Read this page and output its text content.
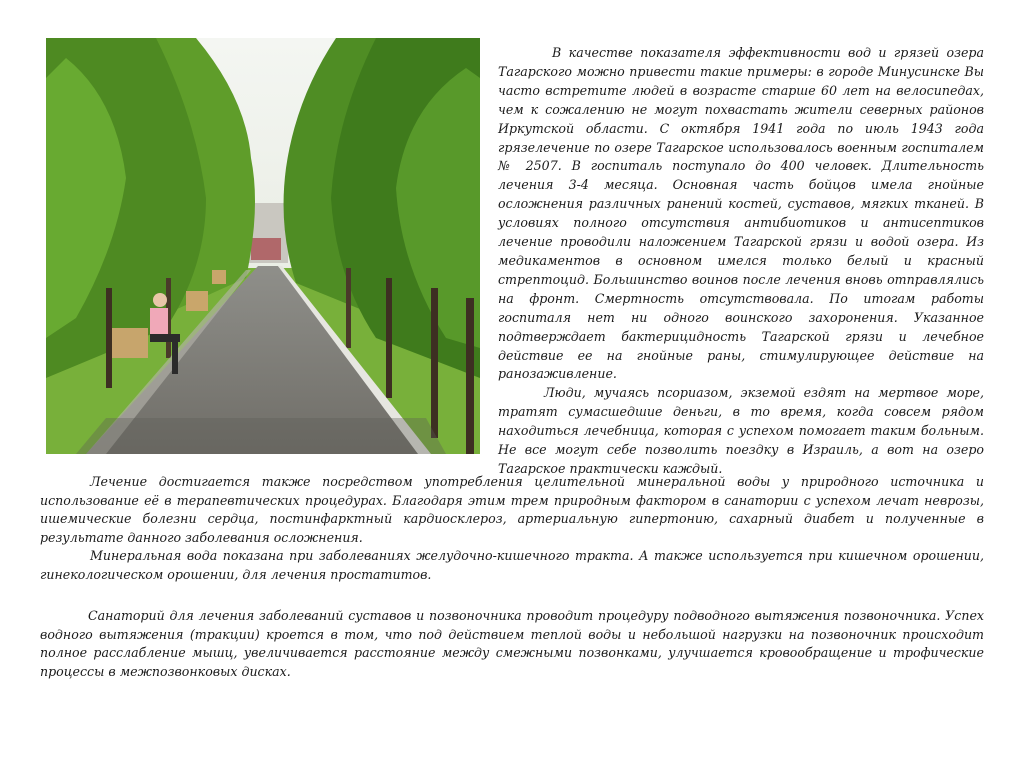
В качестве показателя эффективности вод и грязей озера Тагарского можно привести такие примеры: в городе Минусинске Вы часто встретите людей в возрасте старше 60 лет на велосипедах, чем к сожалению не могут похвастать жители северных районов Иркутской области. С октября 1941 года по июль 1943 года грязелечение по озере Тагарское использовалось военным госпиталем № 2507. В госпиталь поступало до 400 человек. Длительность лечения 3-4 месяца. Основная часть бойцов имела гнойные осложнения различных ранений костей, суставов, мягких тканей. В условиях полного отсутствия антибиотиков и антисептиков лечение проводили наложением Тагарской грязи и водой озера. Из медикаментов в основном имелся только белый и красный стрептоцид. Большинство воинов после лечения вновь отправлялись на фронт. Смертность отсутствовала. По итогам работы госпиталя нет ни одного воинского захоронения. Указанное подтверждает бактерицидность Тагарской грязи и лечебное действие ее на гнойные раны, стимулирующее действие на ранозаживление.

Люди, мучаясь псориазом, экземой ездят на мертвое море, тратят сумасшедшие деньги, в то время, когда совсем рядом находиться лечебница, которая с успехом помогает таким больным. Не все могут себе позволить поездку в Израиль, а вот на озеро Тагарское практически каждый.

Лечение достигается также посредством употребления целительной минеральной воды у природного источника и использование её в терапевтических процедурах. Благодаря этим трем природным фактором в санатории с успехом лечат неврозы, ишемические болезни сердца, постинфарктный кардиосклероз, артериальную гипертонию, сахарный диабет и полученные в результате данного заболевания осложнения.

Минеральная вода показана при заболеваниях желудочно-кишечного тракта. А также используется при кишечном орошении, гинекологическом орошении, для лечения простатитов.

Санаторий для лечения заболеваний суставов и позвоночника проводит процедуру подводного вытяжения позвоночника. Успех водного вытяжения (тракции) кроется в том, что под действием теплой воды и небольшой нагрузки на позвоночник происходит полное расслабление мышц, увеличивается расстояние между смежными позвонками, улучшается кровообращение и трофические процессы в межпозвонковых дисках.
